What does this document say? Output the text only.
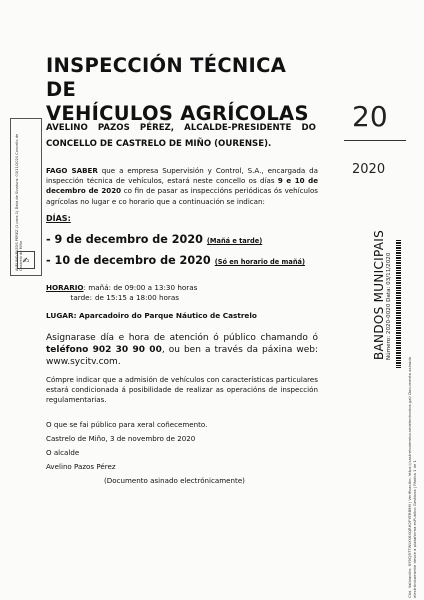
INSPECCIÓN TÉCNICA DE
VEHÍCULOS AGRÍCOLAS
AVELINO PAZOS PÉREZ, ALCALDE-PRESIDENTE DO
CONCELLO DE CASTRELO DE MIÑO (OURENSE).
20
2020
FAGO SABER que a empresa Supervisión y Control, S.A., encargada da inspección técnica de vehículos, estará neste concello os días 9 e 10 de decembro de 2020 co fin de pasar as inspeccións periódicas ós vehículos agrícolas no lugar e co horario que a continuación se indican:
DÍAS:
- 9 de decembro de 2020 (Mañá e tarde)
- 10 de decembro de 2020 (Só en horario de mañá)
HORARIO: mañá: de 09:00 a 13:30 horas
tarde: de 15:15 a 18:00 horas
LUGAR: Aparcadoiro do Parque Náutico de Castrelo
Asignarase día e hora de atención ó público chamando ó teléfono 902 30 90 00, ou ben a través da páxina web: www.sycitv.com.
Cómpre indicar que a admisión de vehículos con características particulares estará condicionada á posibilidade de realizar as operacións de inspección regulamentarias.
O que se fai público para xeral coñecemento.
Castrelo de Miño, 3 de novembro de 2020
O alcalde
Avelino Pazos Pérez
(Documento asinado electrónicamente)
AVELINO PAZOS PEREZ (1 para 1) Data de Sinatura: 03/11/2020 Concello de Castrelo de Miño ✍	BANDOS MUNICIPAIS Número: 2020-0020 Data: 03/11/2020
Cód. Validación: 9Y9CJ97TWLYX6XQRH2FYERB9M | Verificación: https://castrelodemino.sedelectronica.gal/ Documento asinado electrónicamente desde a plataforma esPublico Gestiona | Páxina 1 de 1
